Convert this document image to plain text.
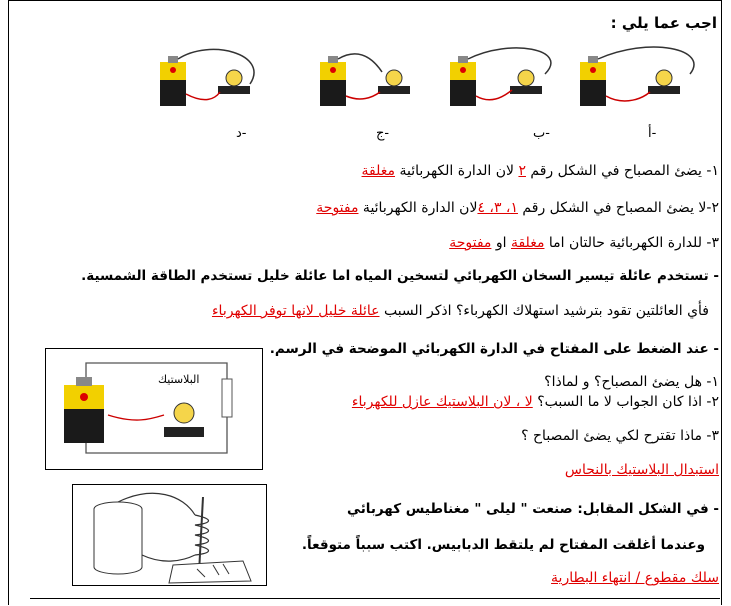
اجب عما يلي :
أ-
ب-
ج-
د-
١- يضئ المصباح في الشكل رقم ٢ لان الدارة الكهربائية مغلقة
٢-لا يضئ المصباح في الشكل رقم ١، ٣، ٤لان الدارة الكهربائية مفتوحة
٣- للدارة الكهربائية حالتان اما مغلقة او مفتوحة
- تستخدم عائلة تيسير السخان الكهربائي لتسخين المياه اما عائلة خليل تستخدم الطاقة الشمسية.
فأي العائلتين تقود بترشيد استهلاك الكهرباء؟ اذكر السبب عائلة خليل لانها توفر الكهرباء
البلاستيك
- عند الضغط على المفتاح في الدارة الكهربائي الموضحة في الرسم.
١- هل يضئ المصباح؟ و لماذا؟
٢- اذا كان الجواب لا ما السبب؟ لا ، لان البلاستيك عازل للكهرباء
٣- ماذا تقترح لكي يضئ المصباح ؟
استبدال البلاستيك بالنحاس
- في الشكل المقابل: صنعت " ليلى " مغناطيس كهربائي
وعندما أغلقت المفتاح لم يلتقط الدبابيس. اكتب سبباً متوقعاً.
سلك مقطوع / انتهاء البطارية
